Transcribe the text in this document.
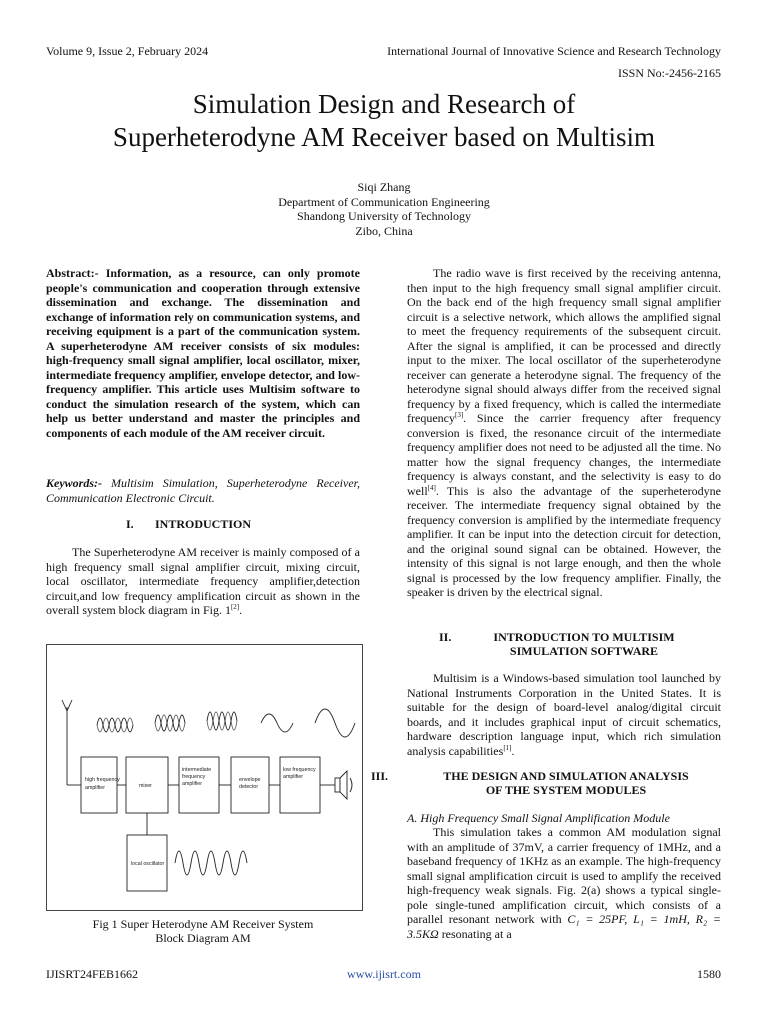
Volume 9, Issue 2, February 2024	International Journal of Innovative Science and Research Technology
ISSN No:-2456-2165
Simulation Design and Research of
Superheterodyne AM Receiver based on Multisim
Siqi Zhang
Department of Communication Engineering
Shandong University of Technology
Zibo, China
Abstract:- Information, as a resource, can only promote people's communication and cooperation through extensive dissemination and exchange. The dissemination and exchange of information rely on communication systems, and receiving equipment is a part of the communication system. A superheterodyne AM receiver consists of six modules: high-frequency small signal amplifier, local oscillator, mixer, intermediate frequency amplifier, envelope detector, and low-frequency amplifier. This article uses Multisim software to conduct the simulation research of the system, which can help us better understand and master the principles and components of each module of the AM receiver circuit.
Keywords:- Multisim Simulation, Superheterodyne Receiver, Communication Electronic Circuit.
I.	INTRODUCTION
The Superheterodyne AM receiver is mainly composed of a high frequency small signal amplifier circuit, mixing circuit, local oscillator, intermediate frequency amplifier,detection circuit,and low frequency amplification circuit as shown in the overall system block diagram in Fig. 1[2].
high frequency
amplifier	mixer
intermediate
frequency
amplifier
envelope
detector
low frequency
amplifier
local oscillator
Fig 1 Super Heterodyne AM Receiver System
Block Diagram AM
The radio wave is first received by the receiving antenna, then input to the high frequency small signal amplifier circuit. On the back end of the high frequency small signal amplifier circuit is a selective network, which allows the amplified signal to meet the frequency requirements of the subsequent circuit. After the signal is amplified, it can be processed and directly input to the mixer. The local oscillator of the superheterodyne receiver can generate a heterodyne signal. The frequency of the heterodyne signal should always differ from the received signal frequency by a fixed frequency, which is called the intermediate frequency[3]. Since the carrier frequency after frequency conversion is fixed, the resonance circuit of the intermediate frequency amplifier does not need to be adjusted all the time. No matter how the signal frequency changes, the intermediate frequency is always constant, and the selectivity is easy to do well[4]. This is also the advantage of the superheterodyne receiver. The intermediate frequency signal obtained by the frequency conversion is amplified by the intermediate frequency amplifier. It can be input into the detection circuit for detection, and the original sound signal can be obtained. However, the intensity of this signal is not large enough, and then the whole signal is processed by the low frequency amplifier. Finally, the speaker is driven by the electrical signal.
II.	INTRODUCTION TO MULTISIM
SIMULATION SOFTWARE
Multisim is a Windows-based simulation tool launched by National Instruments Corporation in the United States. It is suitable for the design of board-level analog/digital circuit boards, and it includes graphical input of circuit schematics, hardware description language input, which rich simulation analysis capabilities[1].
III.	THE DESIGN AND SIMULATION ANALYSIS
OF THE SYSTEM MODULES
A. High Frequency Small Signal Amplification Module
This simulation takes a common AM modulation signal with an amplitude of 37mV, a carrier frequency of 1MHz, and a baseband frequency of 1KHz as an example. The high-frequency small signal amplification circuit is used to amplify the received high-frequency weak signals. Fig. 2(a) shows a typical single-pole single-tuned amplification circuit, which consists of a parallel resonant network with C₁ = 25PF, L₁ = 1mH, R₂ = 3.5KΩ resonating at a
IJISRT24FEB1662	www.ijisrt.com	1580
